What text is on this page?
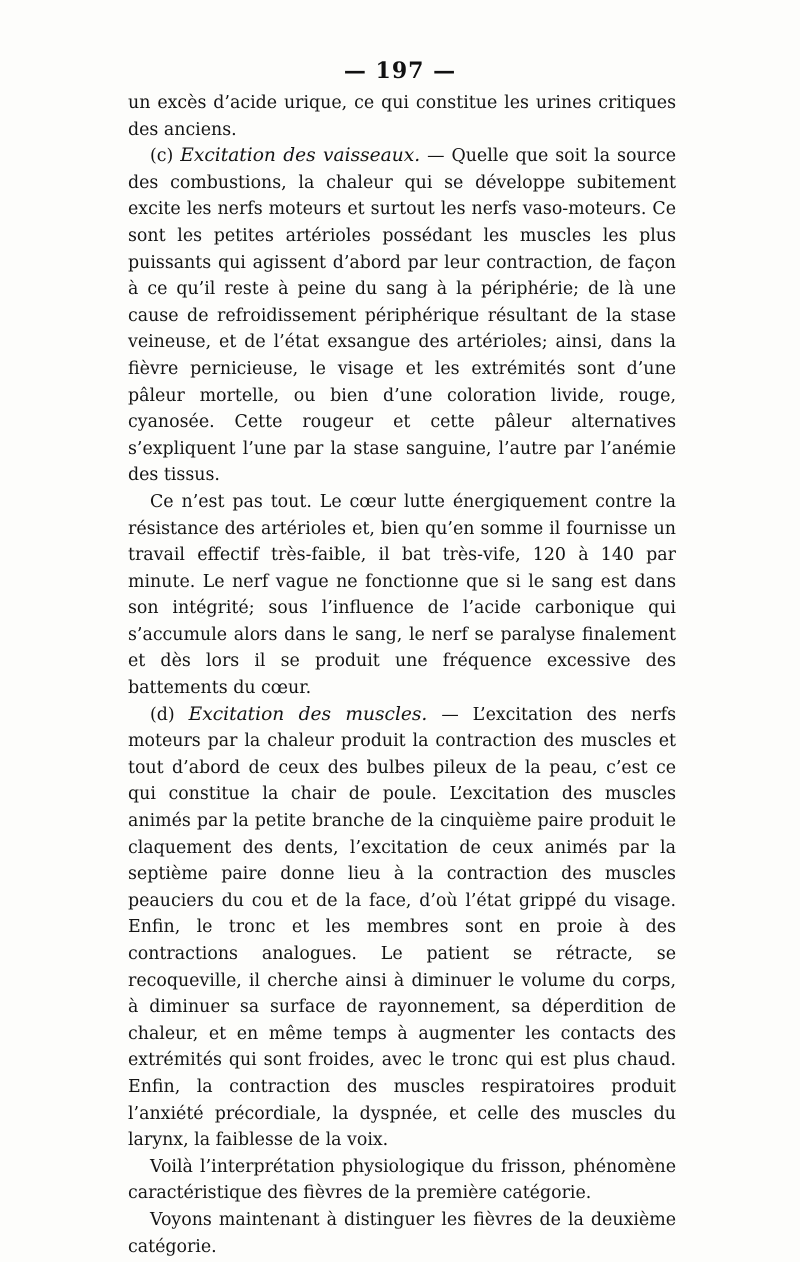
— 197 —

un excès d’acide urique, ce qui constitue les urines critiques des anciens.

(c) Excitation des vaisseaux. — Quelle que soit la source des combustions, la chaleur qui se développe subitement excite les nerfs moteurs et surtout les nerfs vaso-moteurs. Ce sont les petites artérioles possédant les muscles les plus puissants qui agissent d’abord par leur contraction, de façon à ce qu’il reste à peine du sang à la périphérie; de là une cause de refroidissement périphérique résultant de la stase veineuse, et de l’état exsangue des artérioles; ainsi, dans la fièvre pernicieuse, le visage et les extrémités sont d’une pâleur mortelle, ou bien d’une coloration livide, rouge, cyanosée. Cette rougeur et cette pâleur alternatives s’expliquent l’une par la stase sanguine, l’autre par l’anémie des tissus.

Ce n’est pas tout. Le cœur lutte énergiquement contre la résistance des artérioles et, bien qu’en somme il fournisse un travail effectif très-faible, il bat très-vife, 120 à 140 par minute. Le nerf vague ne fonctionne que si le sang est dans son intégrité; sous l’influence de l’acide carbonique qui s’accumule alors dans le sang, le nerf se paralyse finalement et dès lors il se produit une fréquence excessive des battements du cœur.

(d) Excitation des muscles. — L’excitation des nerfs moteurs par la chaleur produit la contraction des muscles et tout d’abord de ceux des bulbes pileux de la peau, c’est ce qui constitue la chair de poule. L’excitation des muscles animés par la petite branche de la cinquième paire produit le claquement des dents, l’excitation de ceux animés par la septième paire donne lieu à la contraction des muscles peauciers du cou et de la face, d’où l’état grippé du visage. Enfin, le tronc et les membres sont en proie à des contractions analogues. Le patient se rétracte, se recoqueville, il cherche ainsi à diminuer le volume du corps, à diminuer sa surface de rayonnement, sa déperdition de chaleur, et en même temps à augmenter les contacts des extrémités qui sont froides, avec le tronc qui est plus chaud. Enfin, la contraction des muscles respiratoires produit l’anxiété précordiale, la dyspnée, et celle des muscles du larynx, la faiblesse de la voix.

Voilà l’interprétation physiologique du frisson, phénomène caractéristique des fièvres de la première catégorie.

Voyons maintenant à distinguer les fièvres de la deuxième catégorie.
